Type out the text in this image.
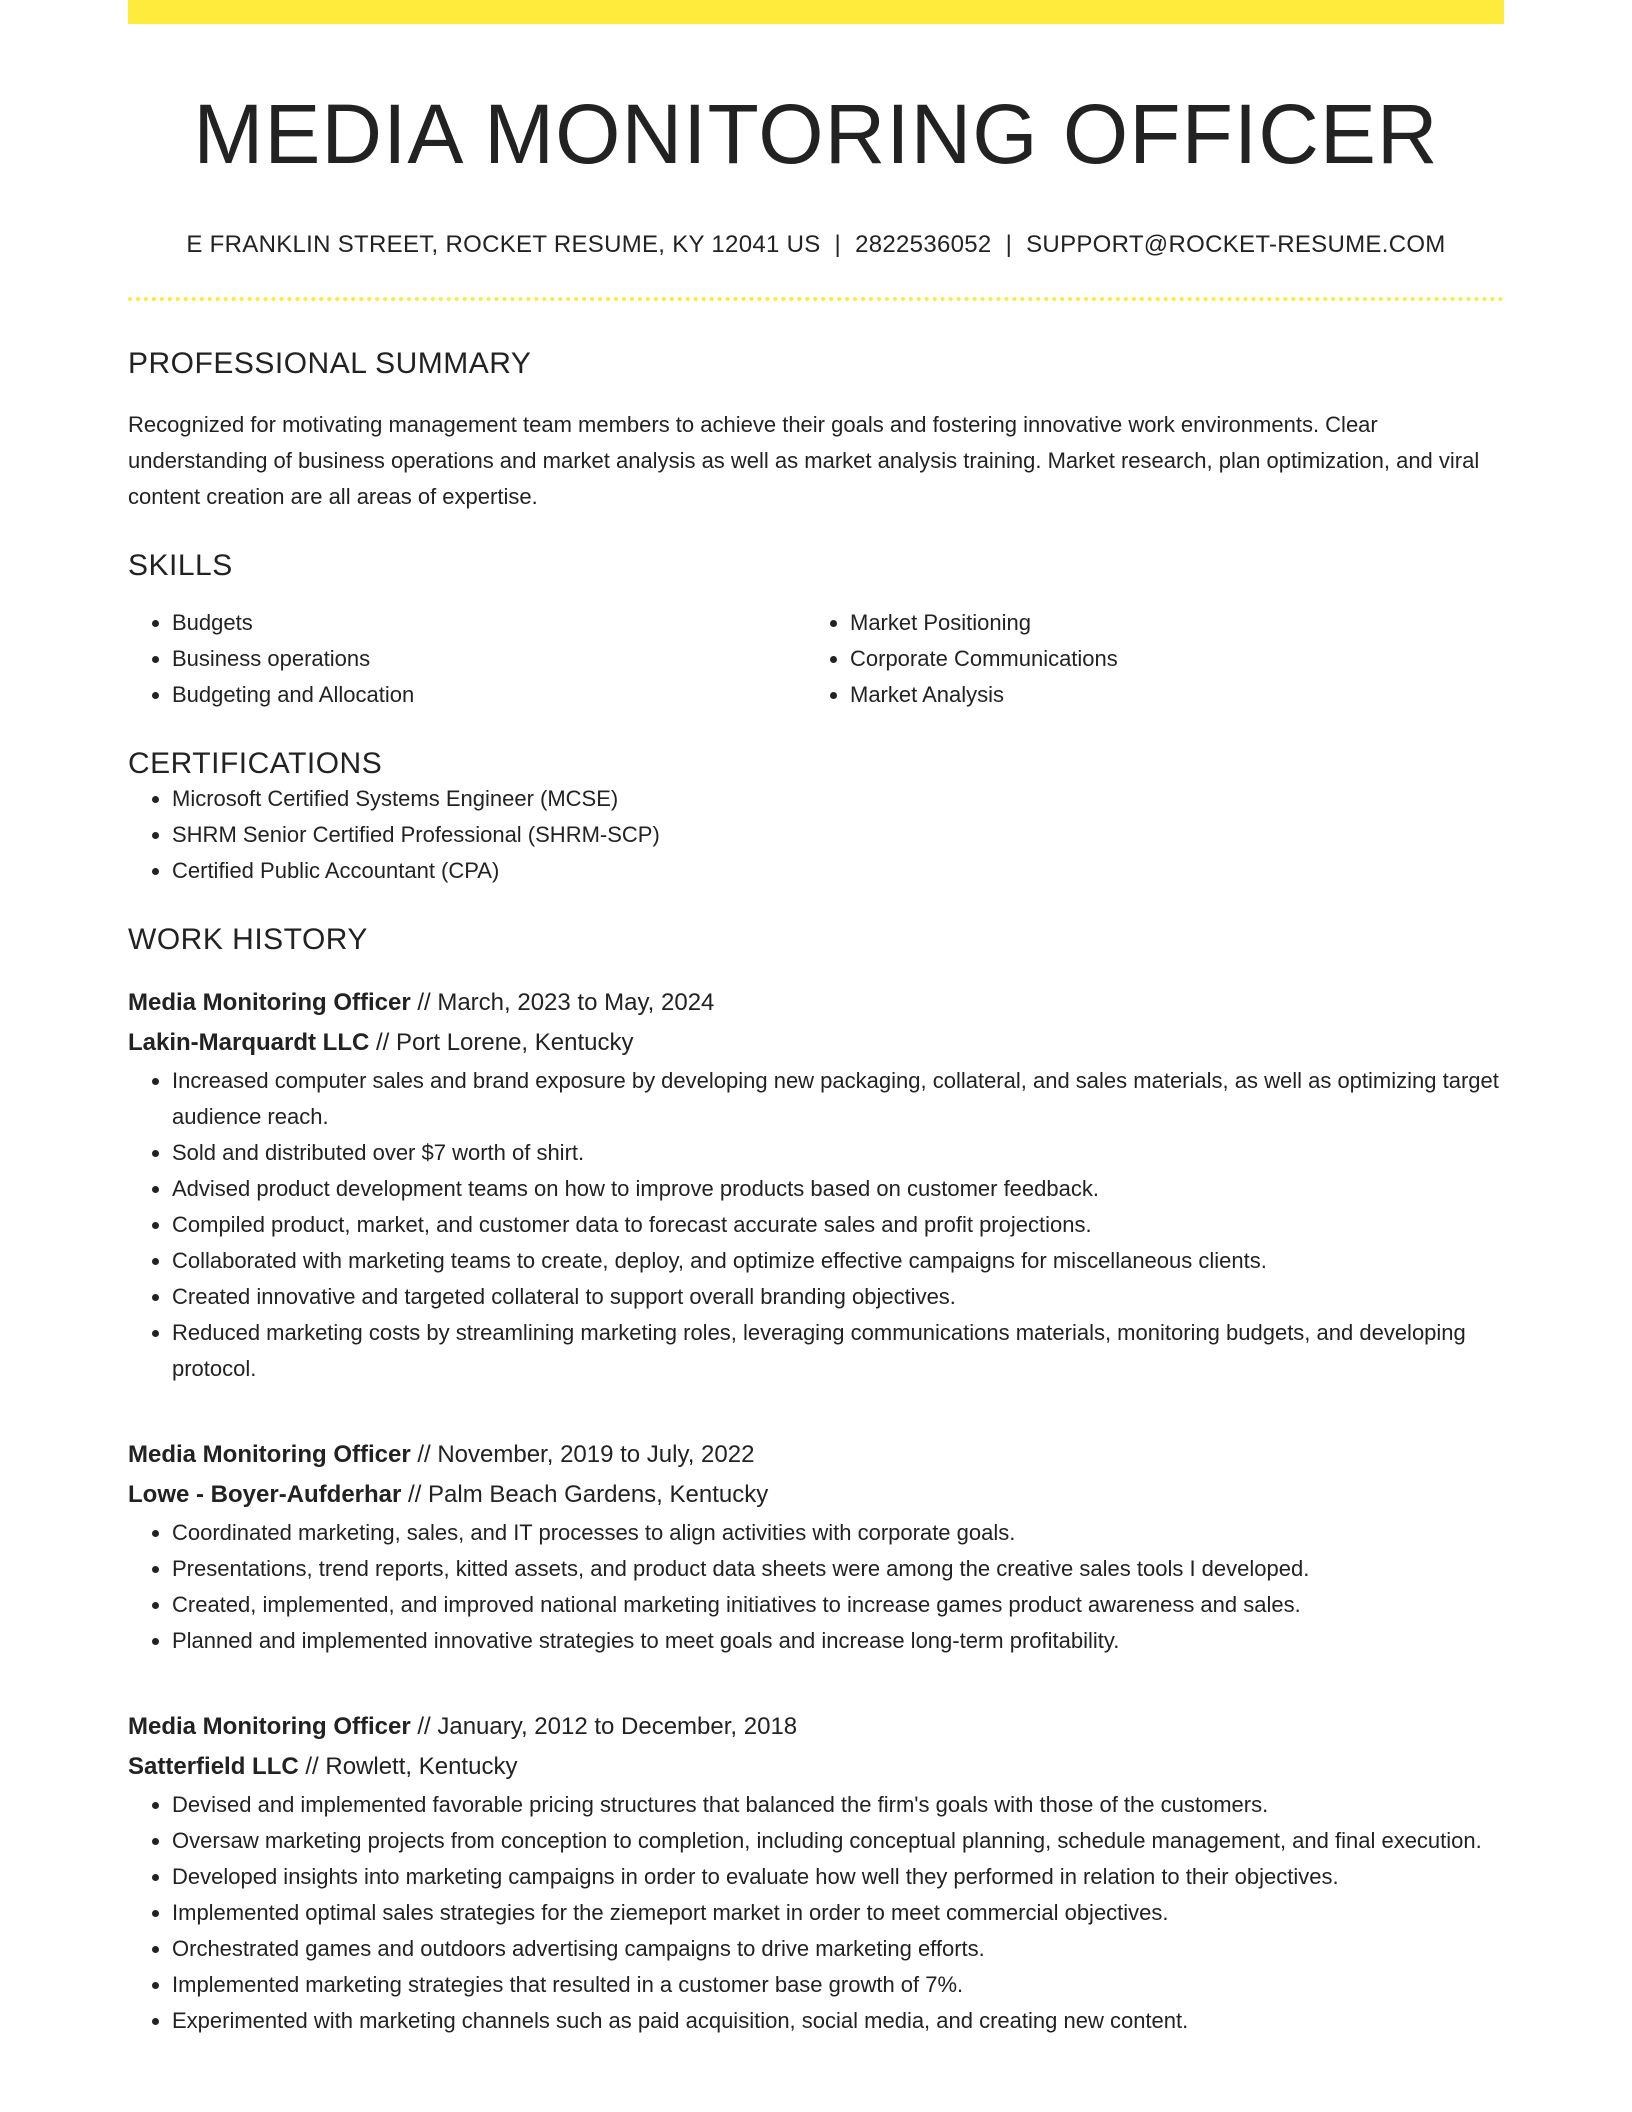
MEDIA MONITORING OFFICER
E FRANKLIN STREET, ROCKET RESUME, KY 12041 US | 2822536052 | SUPPORT@ROCKET-RESUME.COM
PROFESSIONAL SUMMARY
Recognized for motivating management team members to achieve their goals and fostering innovative work environments. Clear understanding of business operations and market analysis as well as market analysis training. Market research, plan optimization, and viral content creation are all areas of expertise.
SKILLS
• Budgets
• Business operations
• Budgeting and Allocation
• Market Positioning
• Corporate Communications
• Market Analysis
CERTIFICATIONS
• Microsoft Certified Systems Engineer (MCSE)
• SHRM Senior Certified Professional (SHRM-SCP)
• Certified Public Accountant (CPA)
WORK HISTORY
Media Monitoring Officer // March, 2023 to May, 2024
Lakin-Marquardt LLC // Port Lorene, Kentucky
• Increased computer sales and brand exposure by developing new packaging, collateral, and sales materials, as well as optimizing target audience reach.
• Sold and distributed over $7 worth of shirt.
• Advised product development teams on how to improve products based on customer feedback.
• Compiled product, market, and customer data to forecast accurate sales and profit projections.
• Collaborated with marketing teams to create, deploy, and optimize effective campaigns for miscellaneous clients.
• Created innovative and targeted collateral to support overall branding objectives.
• Reduced marketing costs by streamlining marketing roles, leveraging communications materials, monitoring budgets, and developing protocol.
Media Monitoring Officer // November, 2019 to July, 2022
Lowe - Boyer-Aufderhar // Palm Beach Gardens, Kentucky
• Coordinated marketing, sales, and IT processes to align activities with corporate goals.
• Presentations, trend reports, kitted assets, and product data sheets were among the creative sales tools I developed.
• Created, implemented, and improved national marketing initiatives to increase games product awareness and sales.
• Planned and implemented innovative strategies to meet goals and increase long-term profitability.
Media Monitoring Officer // January, 2012 to December, 2018
Satterfield LLC // Rowlett, Kentucky
• Devised and implemented favorable pricing structures that balanced the firm's goals with those of the customers.
• Oversaw marketing projects from conception to completion, including conceptual planning, schedule management, and final execution.
• Developed insights into marketing campaigns in order to evaluate how well they performed in relation to their objectives.
• Implemented optimal sales strategies for the ziemeport market in order to meet commercial objectives.
• Orchestrated games and outdoors advertising campaigns to drive marketing efforts.
• Implemented marketing strategies that resulted in a customer base growth of 7%.
• Experimented with marketing channels such as paid acquisition, social media, and creating new content.
